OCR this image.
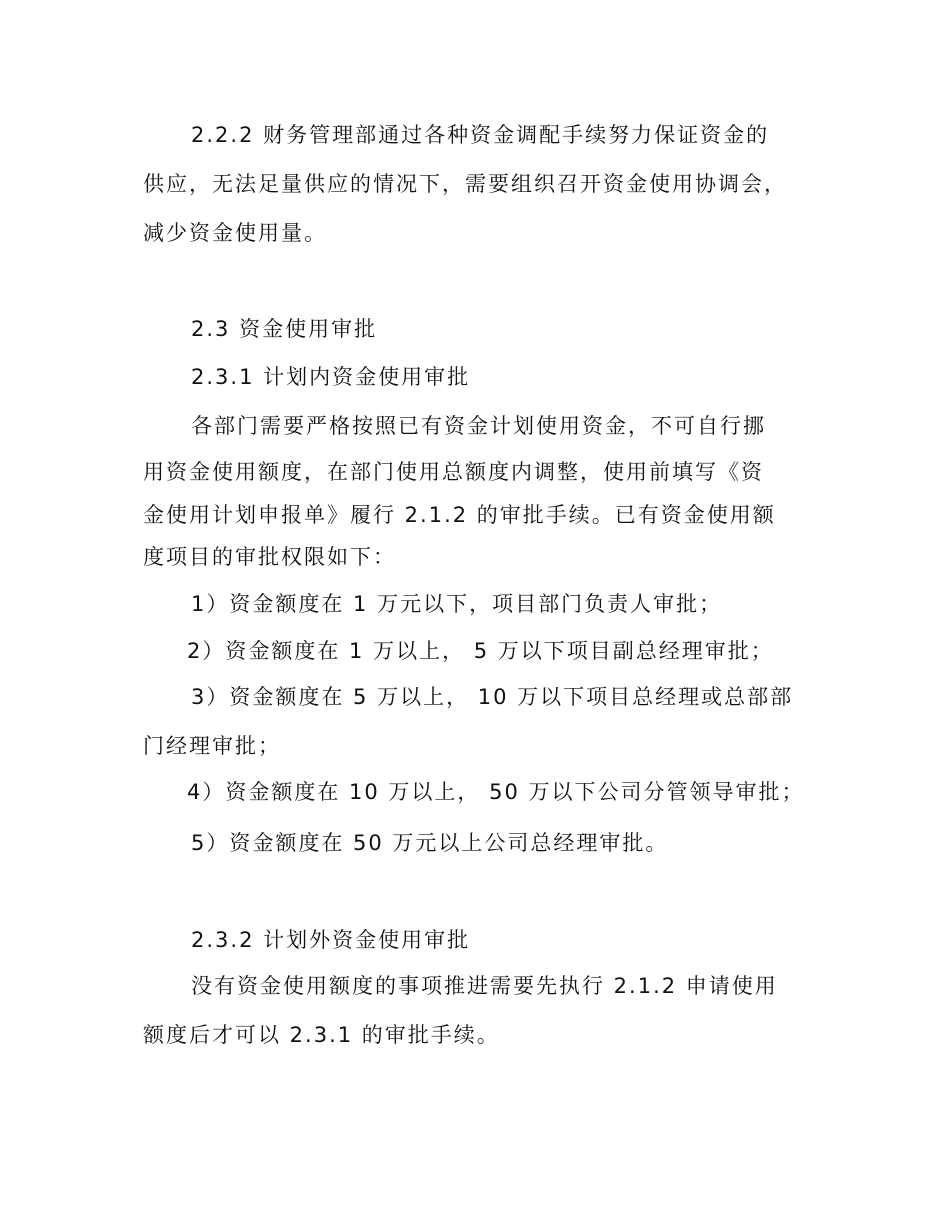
2.2.2 财务管理部通过各种资金调配手续努力保证资金的
供应，无法足量供应的情况下，需要组织召开资金使用协调会，
减少资金使用量。
2.3 资金使用审批
2.3.1 计划内资金使用审批
各部门需要严格按照已有资金计划使用资金，不可自行挪
用资金使用额度，在部门使用总额度内调整，使用前填写《资
金使用计划申报单》履行 2.1.2 的审批手续。已有资金使用额
度项目的审批权限如下：
1）资金额度在 1 万元以下，项目部门负责人审批；
2）资金额度在 1 万以上， 5 万以下项目副总经理审批；
3）资金额度在 5 万以上， 10 万以下项目总经理或总部部
门经理审批；
4）资金额度在 10 万以上， 50 万以下公司分管领导审批；
5）资金额度在 50 万元以上公司总经理审批。
2.3.2 计划外资金使用审批
没有资金使用额度的事项推进需要先执行 2.1.2 申请使用
额度后才可以 2.3.1 的审批手续。
